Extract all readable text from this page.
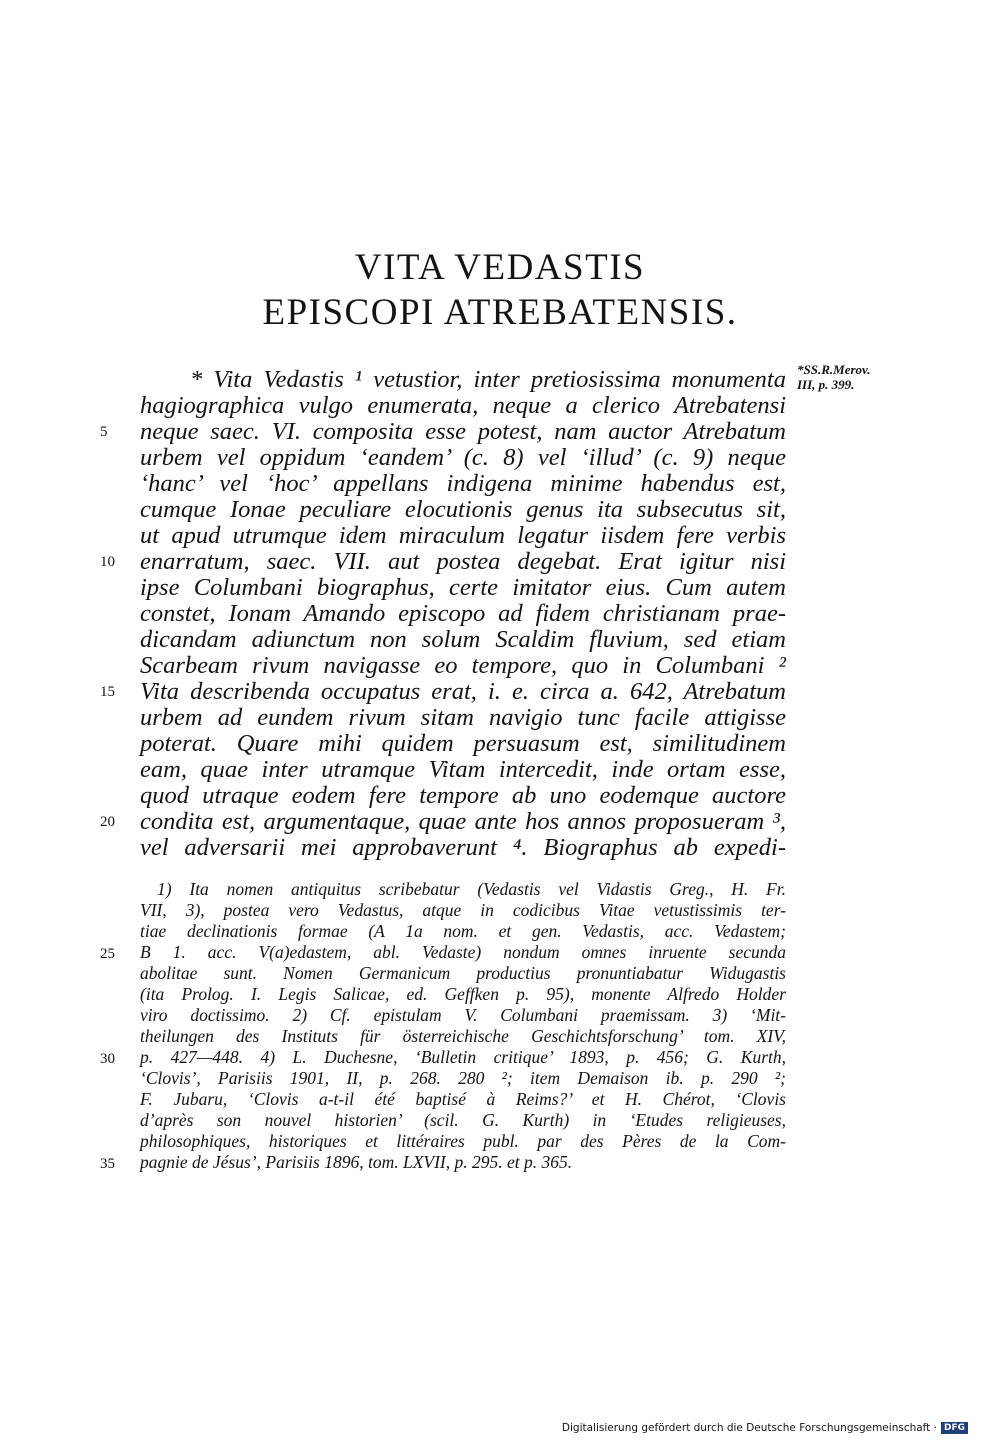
VITA VEDASTIS
EPISCOPI ATREBATENSIS.
*SS.R.Merov.
III, p. 399.
* Vita Vedastis ¹ vetustior, inter pretiosissima monumenta
hagiographica vulgo enumerata, neque a clerico Atrebatensi
neque saec. VI. composita esse potest, nam auctor Atrebatum
urbem vel oppidum ‘eandem’ (c. 8) vel ‘illud’ (c. 9) neque
‘hanc’ vel ‘hoc’ appellans indigena minime habendus est,
cumque Ionae peculiare elocutionis genus ita subsecutus sit,
ut apud utrumque idem miraculum legatur iisdem fere verbis
enarratum, saec. VII. aut postea degebat. Erat igitur nisi
ipse Columbani biographus, certe imitator eius. Cum autem
constet, Ionam Amando episcopo ad fidem christianam prae-
dicandam adiunctum non solum Scaldim fluvium, sed etiam
Scarbeam rivum navigasse eo tempore, quo in Columbani ²
Vita describenda occupatus erat, i. e. circa a. 642, Atrebatum
urbem ad eundem rivum sitam navigio tunc facile attigisse
poterat. Quare mihi quidem persuasum est, similitudinem
eam, quae inter utramque Vitam intercedit, inde ortam esse,
quod utraque eodem fere tempore ab uno eodemque auctore
condita est, argumentaque, quae ante hos annos proposueram ³,
vel adversarii mei approbaverunt ⁴. Biographus ab expedi-
1) Ita nomen antiquitus scribebatur (Vedastis vel Vidastis Greg., H. Fr.
VII, 3), postea vero Vedastus, atque in codicibus Vitae vetustissimis ter-
tiae declinationis formae (A 1a nom. et gen. Vedastis, acc. Vedastem;
B 1. acc. V(a)edastem, abl. Vedaste) nondum omnes inruente secunda
abolitae sunt. Nomen Germanicum productius pronuntiabatur Widugastis
(ita Prolog. I. Legis Salicae, ed. Geffken p. 95), monente Alfredo Holder
viro doctissimo. 2) Cf. epistulam V. Columbani praemissam. 3) ‘Mit-
theilungen des Instituts für österreichische Geschichtsforschung’ tom. XIV,
p. 427—448. 4) L. Duchesne, ‘Bulletin critique’ 1893, p. 456; G. Kurth,
‘Clovis’, Parisiis 1901, II, p. 268. 280 ²; item Demaison ib. p. 290 ²;
F. Jubaru, ‘Clovis a-t-il été baptisé à Reims?’ et H. Chérot, ‘Clovis
d’après son nouvel historien’ (scil. G. Kurth) in ‘Etudes religieuses,
philosophiques, historiques et littéraires publ. par des Pères de la Com-
pagnie de Jésus’, Parisiis 1896, tom. LXVII, p. 295. et p. 365.
5
10
15
20
25
30
35
Digitalisierung gefördert durch die Deutsche Forschungsgemeinschaft · DFG
